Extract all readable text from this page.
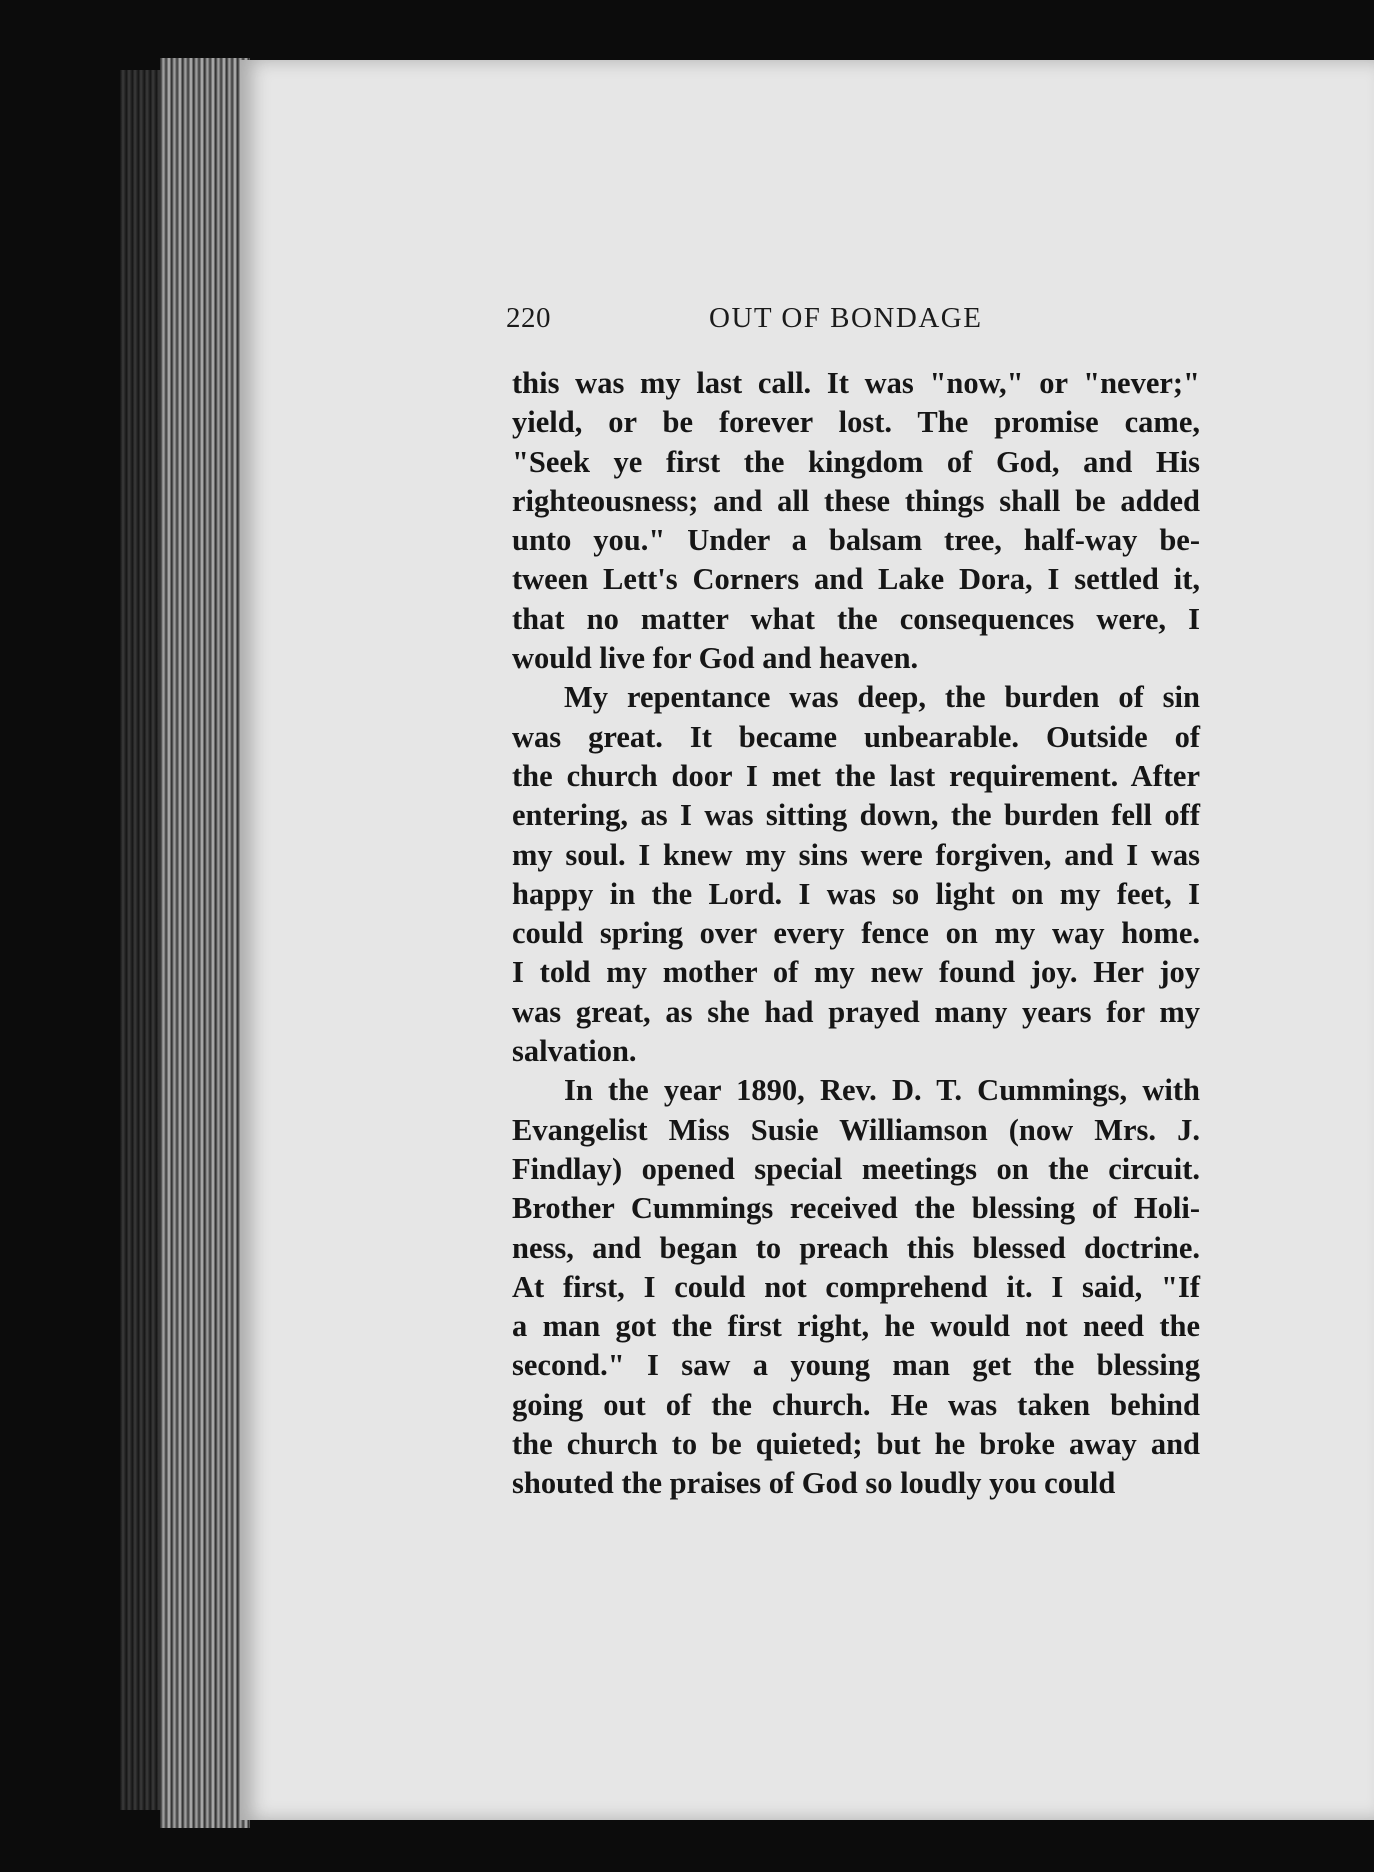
220	OUT OF BONDAGE
this was my last call. It was "now," or "never;"
yield, or be forever lost. The promise came,
"Seek ye first the kingdom of God, and His
righteousness; and all these things shall be added
unto you." Under a balsam tree, half-way be-
tween Lett's Corners and Lake Dora, I settled it,
that no matter what the consequences were, I
would live for God and heaven.
My repentance was deep, the burden of sin
was great. It became unbearable. Outside of
the church door I met the last requirement. After
entering, as I was sitting down, the burden fell off
my soul. I knew my sins were forgiven, and I was
happy in the Lord. I was so light on my feet, I
could spring over every fence on my way home.
I told my mother of my new found joy. Her joy
was great, as she had prayed many years for my
salvation.
In the year 1890, Rev. D. T. Cummings, with
Evangelist Miss Susie Williamson (now Mrs. J.
Findlay) opened special meetings on the circuit.
Brother Cummings received the blessing of Holi-
ness, and began to preach this blessed doctrine.
At first, I could not comprehend it. I said, "If
a man got the first right, he would not need the
second." I saw a young man get the blessing
going out of the church. He was taken behind
the church to be quieted; but he broke away and
shouted the praises of God so loudly you could
